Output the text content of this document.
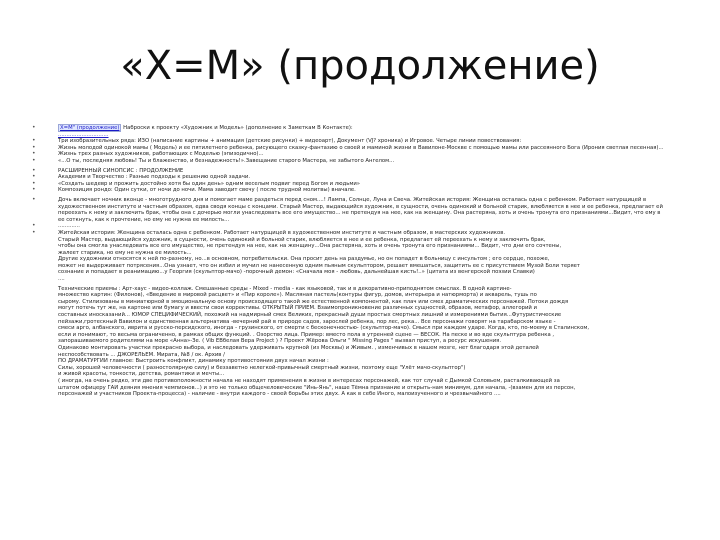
«X=M» (продолжение)
•	X=M" (продолжение) Наброски к проекту «Художник и Модель» (дополнение к Заметкам В Контакте):
..............................
•	Три изобразительных ряда: ИЗО (написание картины + анимация (детские рисунки) + видеоарт), Документ (VJ? хроника) и Игровое. Четыре линии повествования:
•	Жизнь молодой одинокой мамы ( Модель) и ее пятилетнего ребенка, рисующего сказку-фантазию о своей и маминой жизни в Вавилоне-Москве с помощью мамы или рассеянного Бога (Ирония светлая песенная)...
•	Жизнь трех разных художников, работающих с Моделью (эпизодично)...
•	«...О ты, последняя любовь! Ты и блаженство, и безнадежность!».Завещание старого Мастера, не забытого Ангелом...
•	РАСШИРЕННЫЙ СИНОПСИС : ПРОДОЛЖЕНИЕ
•	Академия и Творчество : Разные подходы к решению одной задачи.
•	«Создать шедевр и прожить достойно хотя бы один день» одним веселым подвиг перед Богом и людьми»
•	Композиция рондо: Один сутки, от ночи до ночи. Мама заводит свечу ( после трудной молитвы) вначале.
•	Дочь включает ночник вконце - многотрудного дня и помогает маме раздеться перед сном....! Лампа, Солнце, Луна и Свеча. Житейская история: Женщина осталась одна с ребенком. Работает натурщицей в художественном институте и частным образом, едва сводя концы с концами. Старый Мастер, выдающийся художник, в сущности, очень одинокий и больной старик, влюбляется в нее и ее ребенка, предлагает ей переехать к нему и заключить брак, чтобы она с дочерью могли унаследовать все его имущество... не претендуя на нее, как на женщину. Она растеряна, хоть и очень тронута его признаниями...Видит, что ему в ее соткнуть, как к прочтение, но ему не нужна ее милость...
•	.............
•	Житейская история: Женщина осталась одна с ребенком. Работает натурщицей в художественном институте и частным образом, в мастерских художников.
Старый Мастер, выдающийся художник, в сущности, очень одинокий и больной старик, влюбляется в нее и ее ребенка, предлагает ей переехать к нему и заключить брак,
чтобы она смогла унаследовать все его имущество, не претендуя на нее, как на женщину...Она растеряна, хоть и очень тронута его признаниями... Видит, что дни его сочтены,
жалеет старика, но ему не нужна ее милость...
Другие художники относятся к ней по-разному, но...в основном, потребительски. Она просит день на раздумье, но он попадет в больницу с инсультом ; его сердце, похоже,
может не выдерживает потрясения...Она узнает, что он избил и мучил не нанесенную одним пьяным скульптором, решает вмешаться, защитить ее с присутствием Музой Боли теряет
сознание и попадает в реанимацию...у Георгия (скульптор-мачо) -порочный демон: «Сначала моя - любовь, дальнейшая кисть!..» (цитата из венгерской поэзии Славки)
....
Технические приемы : Арт-хаус - видео-коллаж. Смешанные среды - Mixed - media - как языковой, так и в декоративно-приподнятом смыслах. В одной картине-
множество картин: (Филонов), «Введение в мировой расцвет» и «Пир короле»). Масляная пастель(контуры фигур, домов, интерьера и натюрморта) и акварель, тушь по
сырому. Стилизованы в миниатюрной в эмоциональную основу происходящего такой же естественной компонентой, как плач или смех драматических персонажей. Потоки дождя
могут потечь тут же, на картоне или бумагу и ввести свои коррективы. ОТКРЫТЫЙ ПРИЕМ. Взаимопроникновение различных сущностей, образов, метафор, аллегорий и
составных иносказаний... ЮМОР СПЕЦИФИЧЕСКИЙ, похожий на надмирный смех Великих, прекрасный души простых смертных лишний и измерениями бытия...Футуристические
пейзажи,гротескный Вавилон и единственная альтернатива -вечерний рай в природе садов, зарослей ребенка, пор лес, река... Все персонажи говорят на тарабарском языке -
смеси арго, албанского, иврита и русско-персидского, иногда - грузинского, от смерти с бесконечностью- (скульптор-мачо). Смысл при каждом ударе. Когда, кто, по-моему в Сталинском,
если и понимают, то весьма ограниченно, в рамках общих функций. . Озорство лица. Пример: вместо пола в утренней сцене — ВЕСОК. На песке и во вде скульптура ребенка ,
запорашиваемого родителями на море «Анна»-Зе. ( Vib ЕВбелая Вера Project ) ? Проект Жёрова Ольги " Missing Pages " вызвал приступ, а ресурс искушения.
Одинаково монтировать участки прекрасно выбора, и наследовать удерживать крупной (из Москвы) и Живым. , изменчивых в нашем мозге, нет благодаря этой деталей
неспособствовать ... ДЖОРЕЛЬЕМ. Мирата, №8 / ок. Архив /
ПО ДРАМАТУРГИИ главное: Выстроить конфликт, динамику противостояния двух начал жизни :
Силы, хорошей человечности ( разностолярную силу) и беззаветно нелегкой-привычный смертный жизни, поэтому еще "Улёт мачо-скульптор")
и живой красоты, тонкости, детства, романтики и мечты...
( иногда, на очень редко, эти две противоположности начала не находят применения в жизни в интересах персонажей, как тот случай с Дымкой Соловьем, расталкивающей за
штатом офицеру ГАИ деяния мнения чемпионов...) и это не только общечеловеческие "Инь-Янь", наше Тёмна признание и открыть-нам минимум, для начала, -(взамен для из персон,
персонажей и участников Проекта-процесса) - наличие - внутри каждого - своей борьбы этих двух. А как в себе Иного, малоизученного и чрезвычайного ....
